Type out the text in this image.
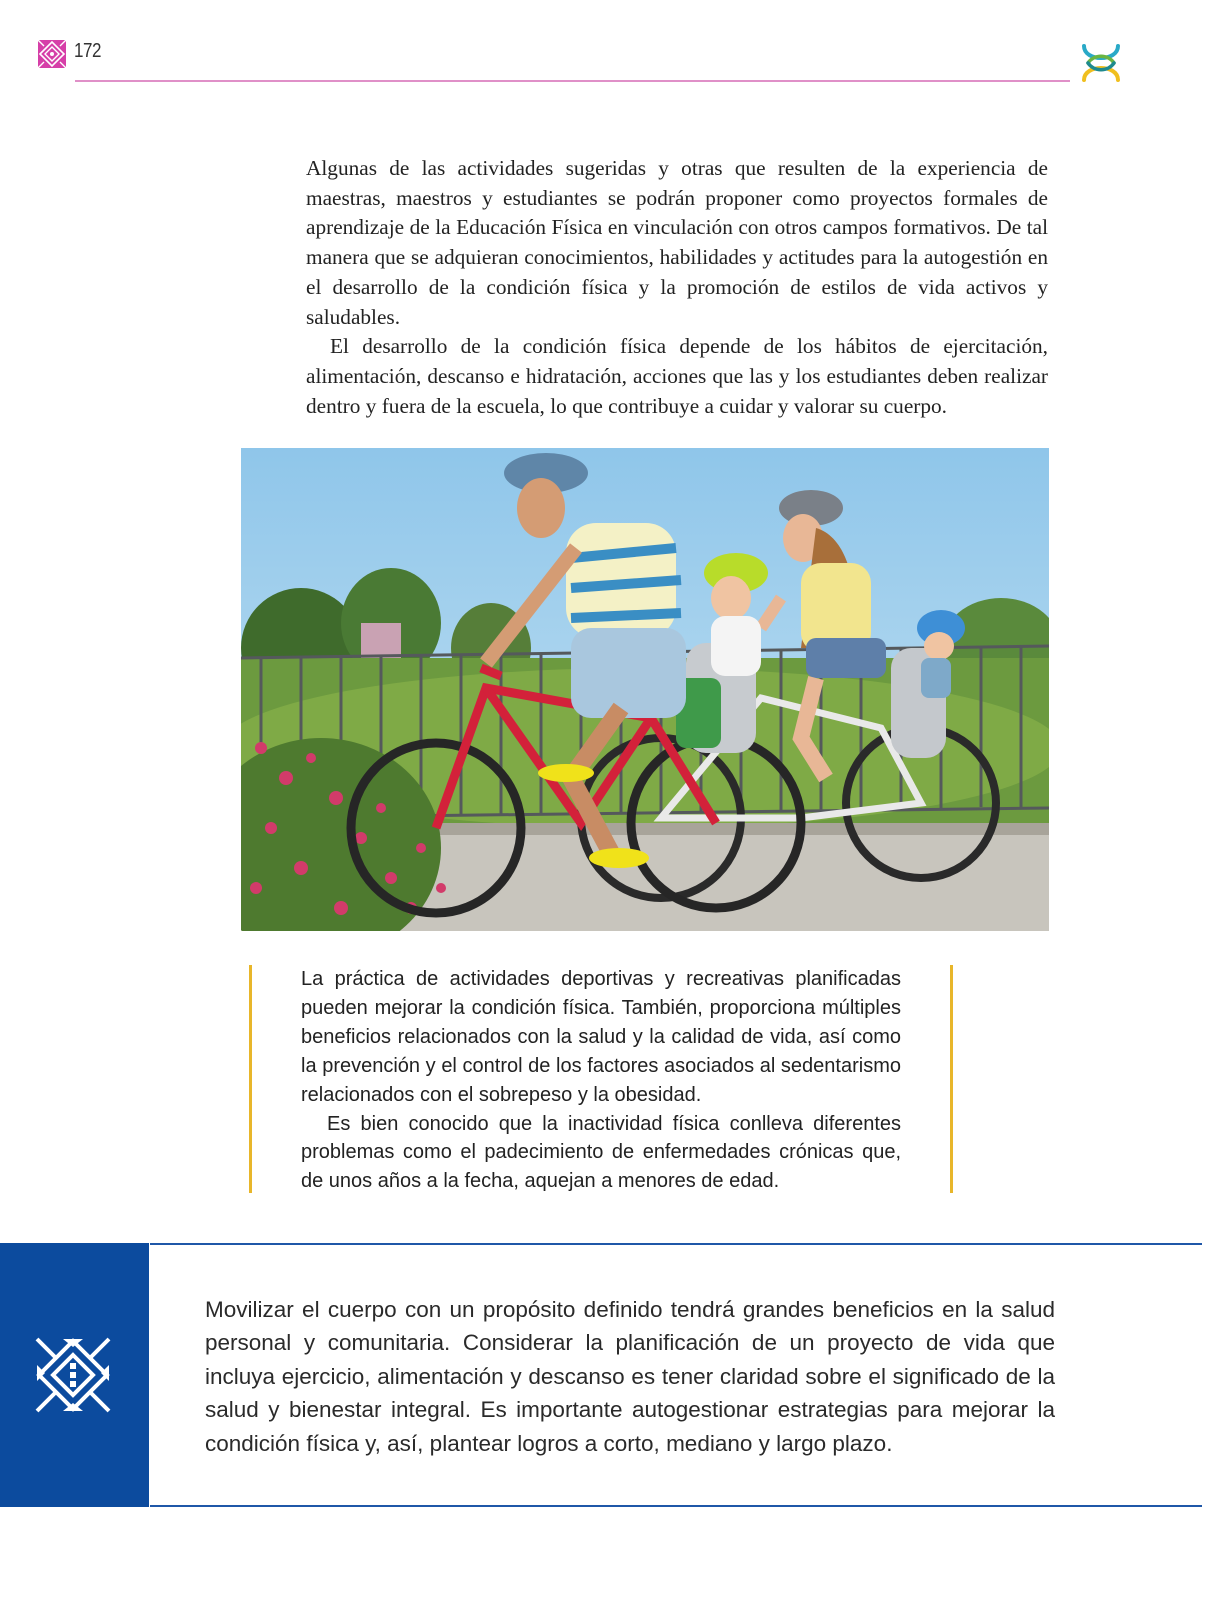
172

Algunas de las actividades sugeridas y otras que resulten de la experiencia de maestras, maestros y estudiantes se podrán proponer como proyectos formales de aprendizaje de la Educación Física en vinculación con otros campos formativos. De tal manera que se adquieran conocimientos, habilidades y actitudes para la autogestión en el desarrollo de la condición física y la promoción de estilos de vida activos y saludables.

El desarrollo de la condición física depende de los hábitos de ejercitación, alimentación, descanso e hidratación, acciones que las y los estudiantes deben realizar dentro y fuera de la escuela, lo que contribuye a cuidar y valorar su cuerpo.

La práctica de actividades deportivas y recreativas planificadas pueden mejorar la condición física. También, proporciona múltiples beneficios relacionados con la salud y la calidad de vida, así como la prevención y el control de los factores asociados al sedentarismo relacionados con el sobrepeso y la obesidad.

Es bien conocido que la inactividad física conlleva diferentes problemas como el padecimiento de enfermedades crónicas que, de unos años a la fecha, aquejan a menores de edad.

Movilizar el cuerpo con un propósito definido tendrá grandes beneficios en la salud personal y comunitaria. Considerar la planificación de un proyecto de vida que incluya ejercicio, alimentación y descanso es tener claridad sobre el significado de la salud y bienestar integral. Es importante autogestionar estrategias para mejorar la condición física y, así, plantear logros a corto, mediano y largo plazo.
